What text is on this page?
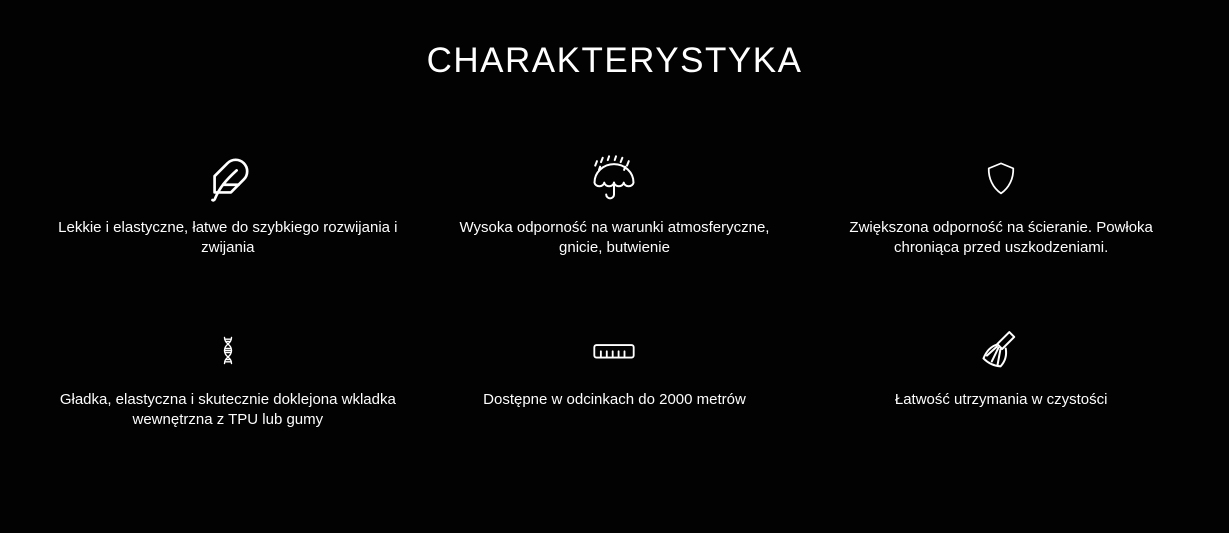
CHARAKTERYSTYKA

Lekkie i elastyczne, łatwe do szybkiego rozwijania i zwijania

Wysoka odporność na warunki atmosferyczne, gnicie, butwienie

Zwiększona odporność na ścieranie. Powłoka chroniąca przed uszkodzeniami.

Gładka, elastyczna i skutecznie doklejona wkladka wewnętrzna z TPU lub gumy

Dostępne w odcinkach do 2000 metrów	Łatwość utrzymania w czystości
